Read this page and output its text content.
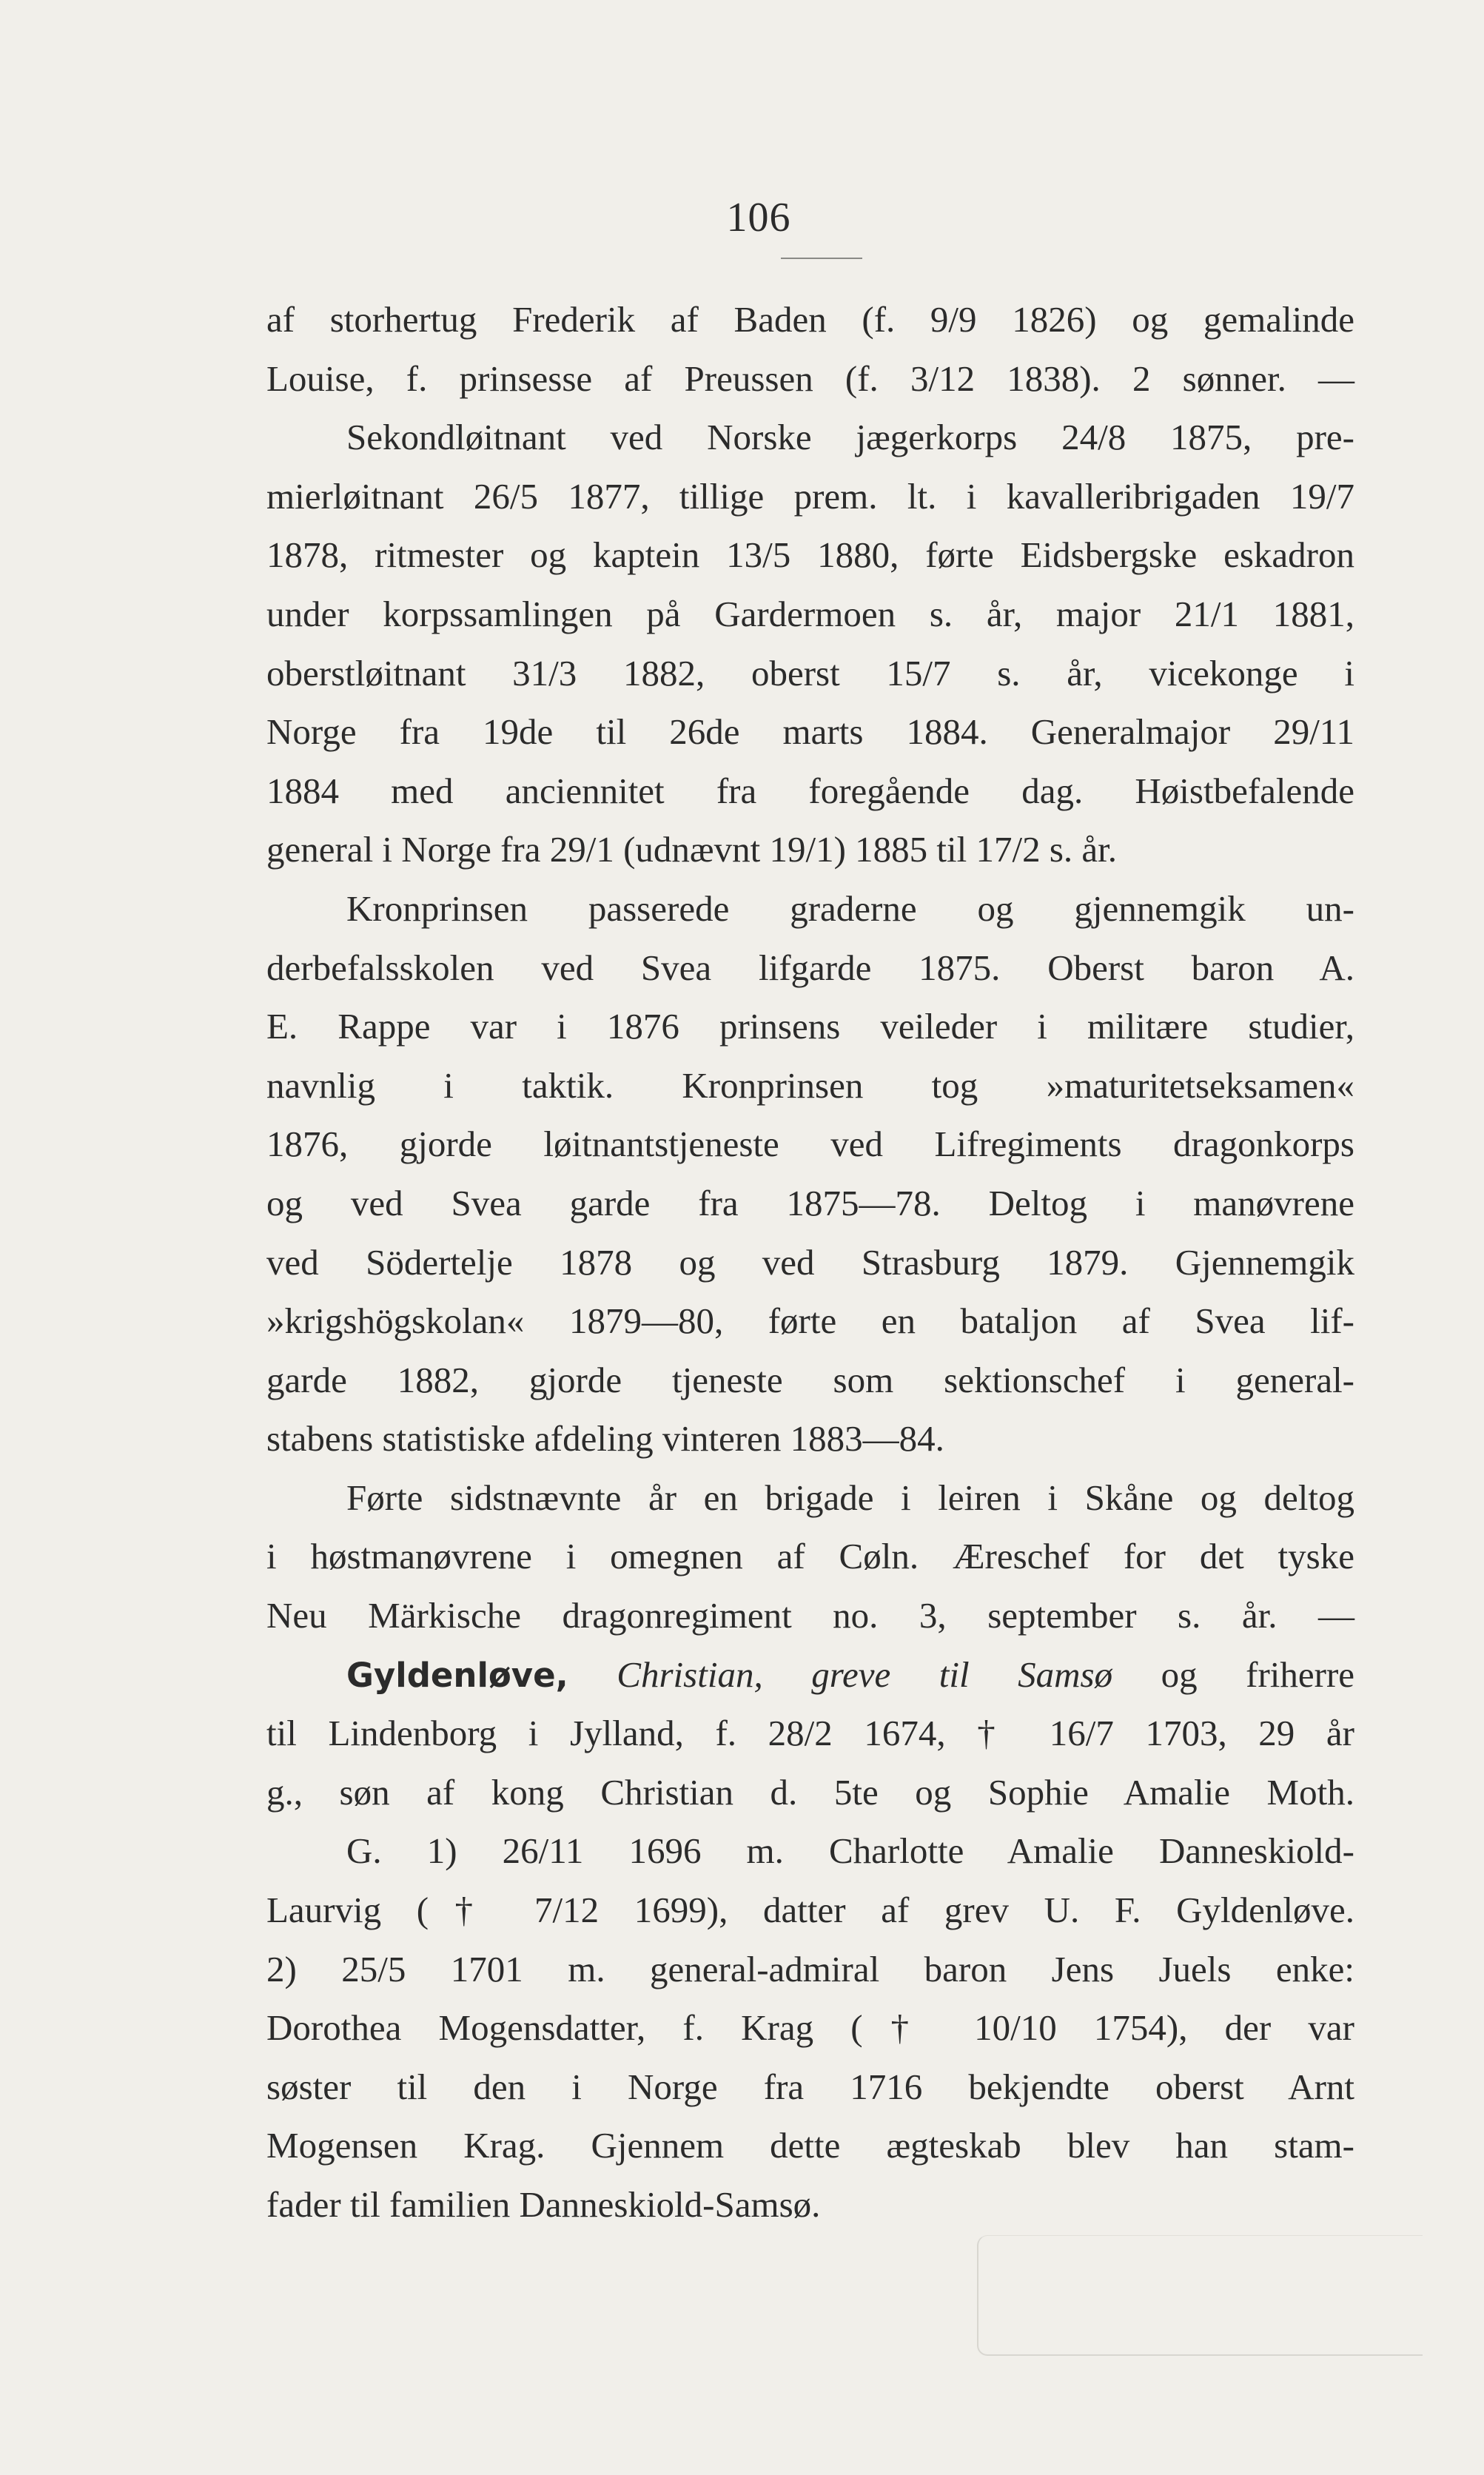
106
af storhertug Frederik af Baden (f. 9/9 1826) og gemalinde
Louise, f. prinsesse af Preussen (f. 3/12 1838). 2 sønner. —
Sekondløitnant ved Norske jægerkorps 24/8 1875, pre-
mierløitnant 26/5 1877, tillige prem. lt. i kavalleribrigaden 19/7
1878, ritmester og kaptein 13/5 1880, førte Eidsbergske eskadron
under korpssamlingen på Gardermoen s. år, major 21/1 1881,
oberstløitnant 31/3 1882, oberst 15/7 s. år, vicekonge i
Norge fra 19de til 26de marts 1884. Generalmajor 29/11
1884 med anciennitet fra foregående dag. Høistbefalende
general i Norge fra 29/1 (udnævnt 19/1) 1885 til 17/2 s. år.
Kronprinsen passerede graderne og gjennemgik un-
derbefalsskolen ved Svea lifgarde 1875. Oberst baron A.
E. Rappe var i 1876 prinsens veileder i militære studier,
navnlig i taktik. Kronprinsen tog »maturitetseksamen«
1876, gjorde løitnantstjeneste ved Lifregiments dragonkorps
og ved Svea garde fra 1875—78. Deltog i manøvrene
ved Södertelje 1878 og ved Strasburg 1879. Gjennemgik
»krigshögskolan« 1879—80, førte en bataljon af Svea lif-
garde 1882, gjorde tjeneste som sektionschef i general-
stabens statistiske afdeling vinteren 1883—84.
Førte sidstnævnte år en brigade i leiren i Skåne og deltog
i høstmanøvrene i omegnen af Cøln. Æreschef for det tyske
Neu Märkische dragonregiment no. 3, september s. år. —
Gyldenløve, Christian, greve til Samsø og friherre
til Lindenborg i Jylland, f. 28/2 1674, † 16/7 1703, 29 år
g., søn af kong Christian d. 5te og Sophie Amalie Moth.
G. 1) 26/11 1696 m. Charlotte Amalie Danneskiold-
Laurvig († 7/12 1699), datter af grev U. F. Gyldenløve.
2) 25/5 1701 m. general-admiral baron Jens Juels enke:
Dorothea Mogensdatter, f. Krag († 10/10 1754), der var
søster til den i Norge fra 1716 bekjendte oberst Arnt
Mogensen Krag. Gjennem dette ægteskab blev han stam-
fader til familien Danneskiold-Samsø.
